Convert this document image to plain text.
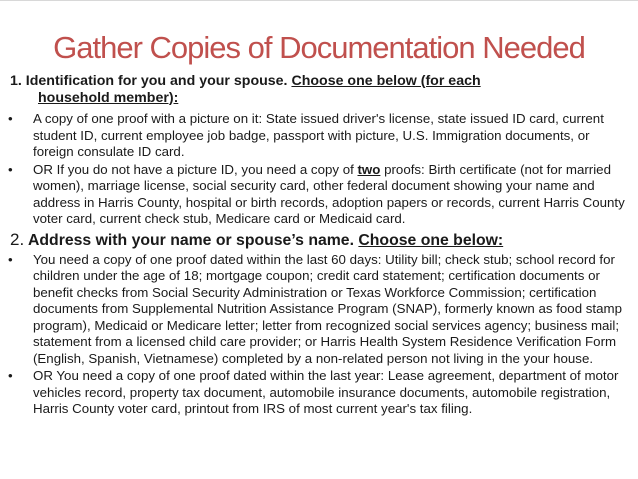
Gather Copies of Documentation Needed
1. Identification for you and your spouse. Choose one below (for each
household member):
•	A copy of one proof with a picture on it: State issued driver's license, state issued ID card, current student ID, current employee job badge, passport with picture, U.S. Immigration documents, or foreign consulate ID card.
•	OR If you do not have a picture ID, you need a copy of two proofs: Birth certificate (not for married women), marriage license, social security card, other federal document showing your name and address in Harris County, hospital or birth records, adoption papers or records, current Harris County voter card, current check stub, Medicare card or Medicaid card.
2. Address with your name or spouse’s name. Choose one below:
•	You need a copy of one proof dated within the last 60 days: Utility bill; check stub; school record for children under the age of 18; mortgage coupon; credit card statement; certification documents or benefit checks from Social Security Administration or Texas Workforce Commission; certification documents from Supplemental Nutrition Assistance Program (SNAP), formerly known as food stamp program), Medicaid or Medicare letter; letter from recognized social services agency; business mail; statement from a licensed child care provider; or Harris Health System Residence Verification Form (English, Spanish, Vietnamese) completed by a non-related person not living in the your house.
•	OR You need a copy of one proof dated within the last year: Lease agreement, department of motor vehicles record, property tax document, automobile insurance documents, automobile registration, Harris County voter card, printout from IRS of most current year's tax filing.
